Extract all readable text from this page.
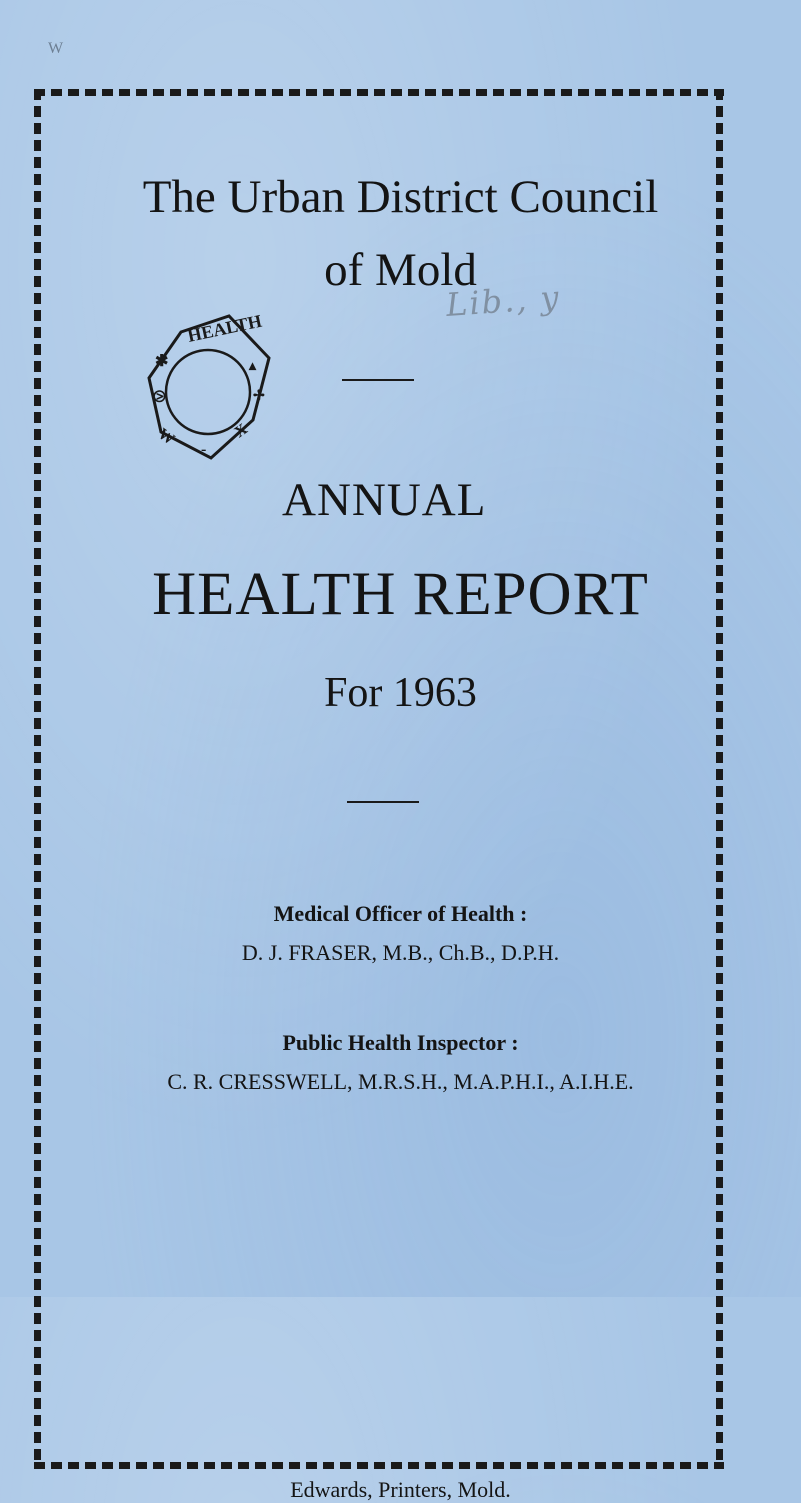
W
The Urban District Council
of Mold
Lib., y
HEALTH
✱
⧁
W
-
X
✢
▴
ANNUAL
HEALTH REPORT
For 1963
Medical Officer of Health :
D. J. FRASER, M.B., Ch.B., D.P.H.
Public Health Inspector :
C. R. CRESSWELL, M.R.S.H., M.A.P.H.I., A.I.H.E.
Edwards, Printers, Mold.
